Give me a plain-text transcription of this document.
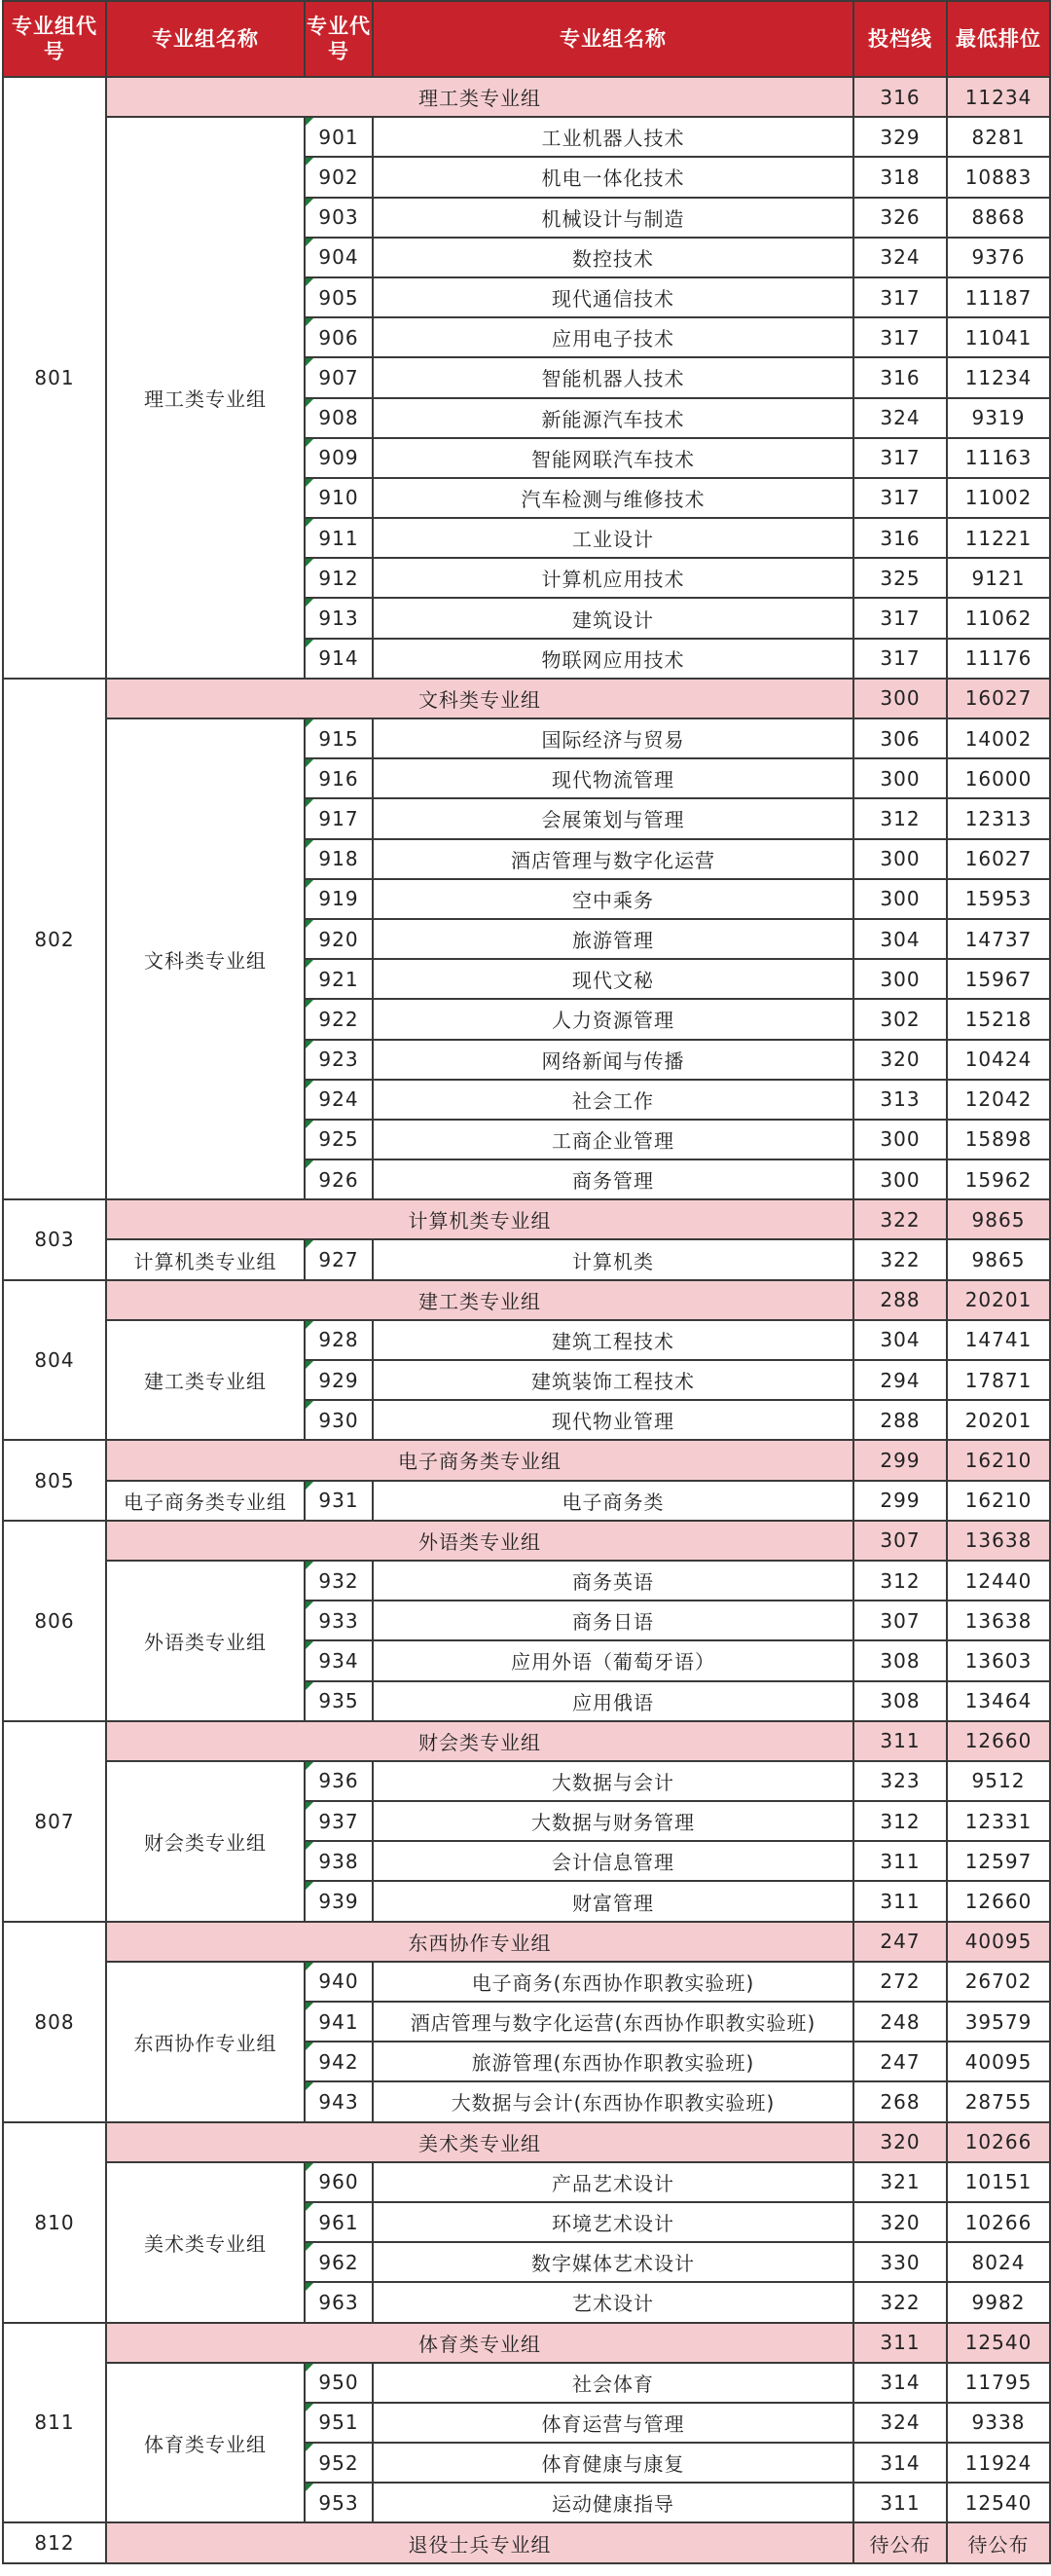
专业组代号	专业组名称	专业代号	专业组名称	投档线	最低排位
801	理工类专业组			316	11234
	理工类专业组	901	工业机器人技术	329	8281
		902	机电一体化技术	318	10883
		903	机械设计与制造	326	8868
		904	数控技术	324	9376
		905	现代通信技术	317	11187
		906	应用电子技术	317	11041
		907	智能机器人技术	316	11234
		908	新能源汽车技术	324	9319
		909	智能网联汽车技术	317	11163
		910	汽车检测与维修技术	317	11002
		911	工业设计	316	11221
		912	计算机应用技术	325	9121
		913	建筑设计	317	11062
		914	物联网应用技术	317	11176
802	文科类专业组			300	16027
	文科类专业组	915	国际经济与贸易	306	14002
		916	现代物流管理	300	16000
		917	会展策划与管理	312	12313
		918	酒店管理与数字化运营	300	16027
		919	空中乘务	300	15953
		920	旅游管理	304	14737
		921	现代文秘	300	15967
		922	人力资源管理	302	15218
		923	网络新闻与传播	320	10424
		924	社会工作	313	12042
		925	工商企业管理	300	15898
		926	商务管理	300	15962
803	计算机类专业组			322	9865
	计算机类专业组	927	计算机类	322	9865
804	建工类专业组			288	20201
	建工类专业组	928	建筑工程技术	304	14741
		929	建筑装饰工程技术	294	17871
		930	现代物业管理	288	20201
805	电子商务类专业组			299	16210
	电子商务类专业组	931	电子商务类	299	16210
806	外语类专业组			307	13638
	外语类专业组	932	商务英语	312	12440
		933	商务日语	307	13638
		934	应用外语（葡萄牙语）	308	13603
		935	应用俄语	308	13464
807	财会类专业组			311	12660
	财会类专业组	936	大数据与会计	323	9512
		937	大数据与财务管理	312	12331
		938	会计信息管理	311	12597
		939	财富管理	311	12660
808	东西协作专业组			247	40095
	东西协作专业组	940	电子商务(东西协作职教实验班)	272	26702
		941	酒店管理与数字化运营(东西协作职教实验班)	248	39579
		942	旅游管理(东西协作职教实验班)	247	40095
		943	大数据与会计(东西协作职教实验班)	268	28755
810	美术类专业组			320	10266
	美术类专业组	960	产品艺术设计	321	10151
		961	环境艺术设计	320	10266
		962	数字媒体艺术设计	330	8024
		963	艺术设计	322	9982
811	体育类专业组			311	12540
	体育类专业组	950	社会体育	314	11795
		951	体育运营与管理	324	9338
		952	体育健康与康复	314	11924
		953	运动健康指导	311	12540
812	退役士兵专业组			待公布	待公布
